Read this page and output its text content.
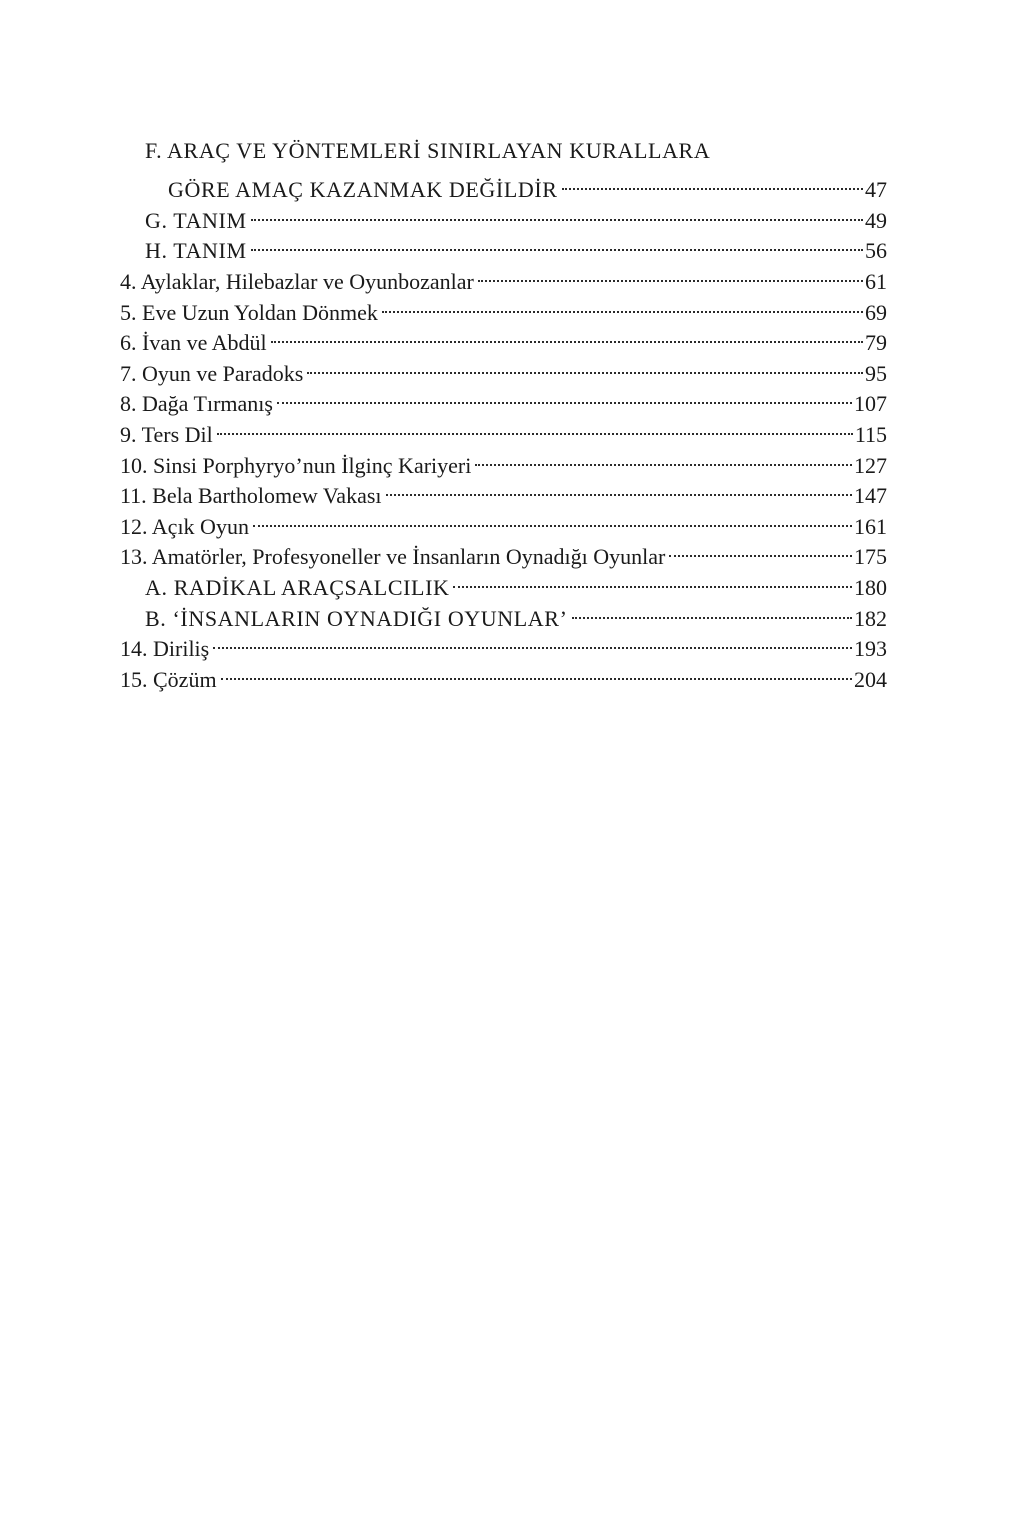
F. ARAÇ VE YÖNTEMLERİ SINIRLAYAN KURALLARA
GÖRE AMAÇ KAZANMAK DEĞİLDİR	47
G. TANIM	49
H. TANIM	56
4. Aylaklar, Hilebazlar ve Oyunbozanlar	61
5. Eve Uzun Yoldan Dönmek	69
6. İvan ve Abdül	79
7. Oyun ve Paradoks	95
8. Dağa Tırmanış	107
9. Ters Dil	115
10. Sinsi Porphyryo’nun İlginç Kariyeri	127
11. Bela Bartholomew Vakası	147
12. Açık Oyun	161
13. Amatörler, Profesyoneller ve İnsanların Oynadığı Oyunlar	175
A. RADİKAL ARAÇSALCILIK	180
B. ‘İNSANLARIN OYNADIĞI OYUNLAR’	182
14. Diriliş	193
15. Çözüm	204
